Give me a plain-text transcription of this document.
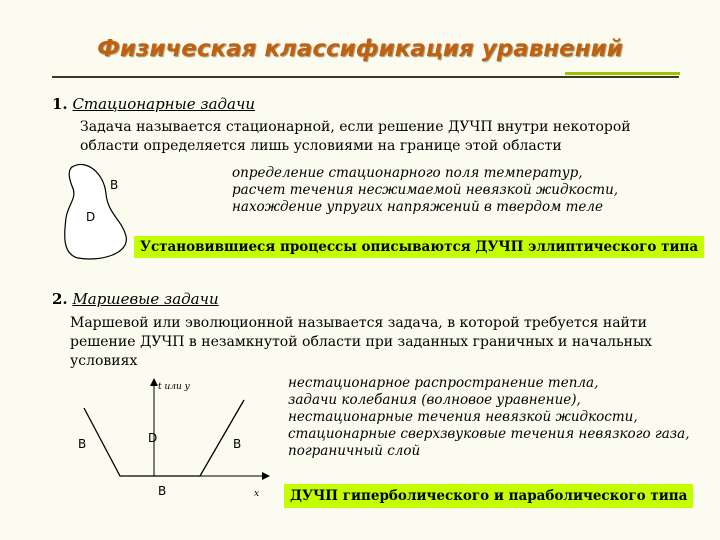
Физическая классификация уравнений
1. Стационарные задачи
Задача называется стационарной, если решение ДУЧП внутри некоторой
области определяется лишь условиями на границе этой области
B
D
определение стационарного поля температур,
расчет течения несжимаемой невязкой жидкости,
нахождение упругих напряжений в твердом теле
Установившиеся процессы описываются ДУЧП эллиптического типа
2. Маршевые задачи
Маршевой или эволюционной называется задача, в которой требуется найти
решение ДУЧП в незамкнутой области при заданных граничных и начальных
условиях
t или y
x
B	D	B
B
нестационарное распространение тепла,
задачи колебания (волновое уравнение),
нестационарные течения невязкой жидкости,
стационарные сверхзвуковые течения невязкого газа,
пограничный слой
ДУЧП гиперболического и параболического типа
